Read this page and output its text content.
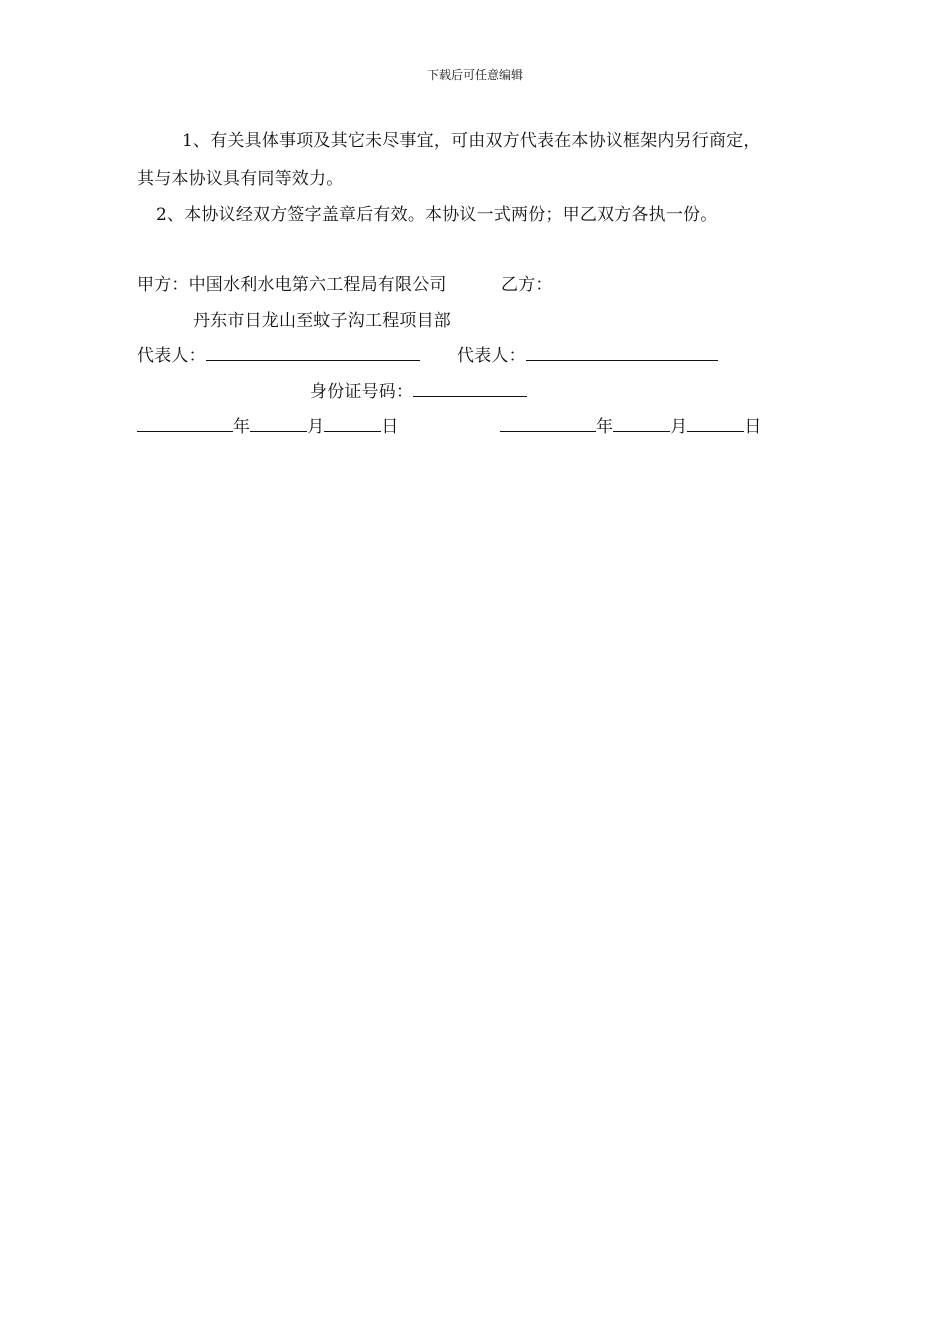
下载后可任意编辑
1、有关具体事项及其它未尽事宜，可由双方代表在本协议框架内另行商定，
其与本协议具有同等效力。
2、本协议经双方签字盖章后有效。本协议一式两份；甲乙双方各执一份。
甲方：中国水利水电第六工程局有限公司	乙方：
丹东市日龙山至蚊子沟工程项目部
代表人：	代表人：
身份证号码：
年	月	日	年	月	日
